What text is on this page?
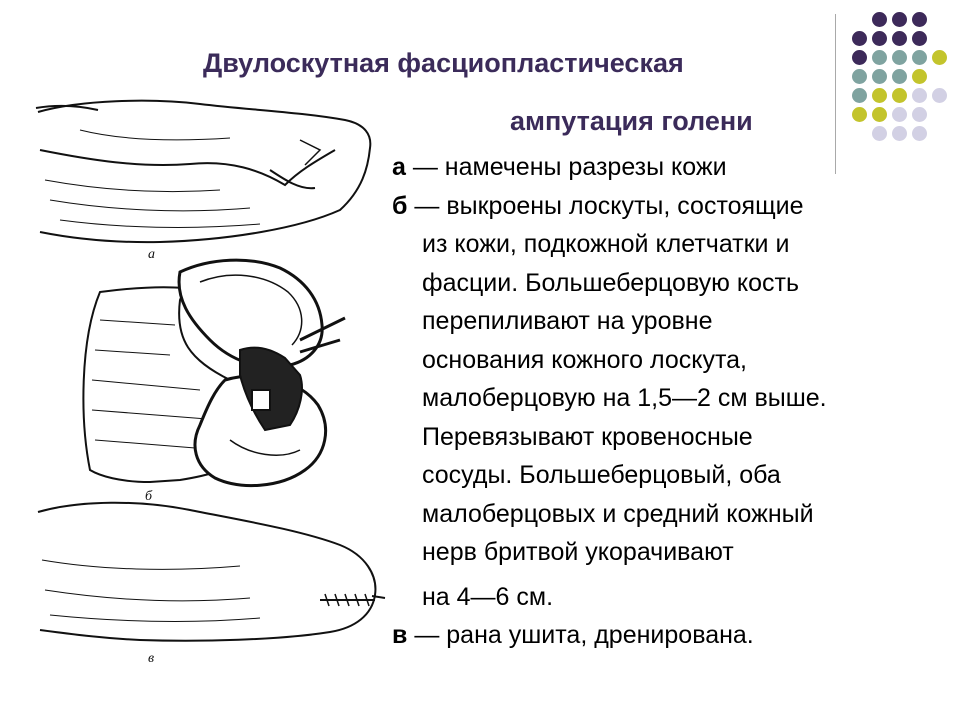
Двулоскутная фасциопластическая
ампутация голени
а
б
в
а — намечены разрезы кожи
б — выкроены лоскуты, состоящие
из кожи, подкожной клетчатки и
фасции. Большеберцовую кость
перепиливают на уровне
основания кожного лоскута,
малоберцовую на 1,5—2 см выше.
Перевязывают кровеносные
сосуды. Большеберцовый, оба
малоберцовых и средний кожный
нерв бритвой укорачивают
на 4—6 см.
в — рана ушита, дренирована.
